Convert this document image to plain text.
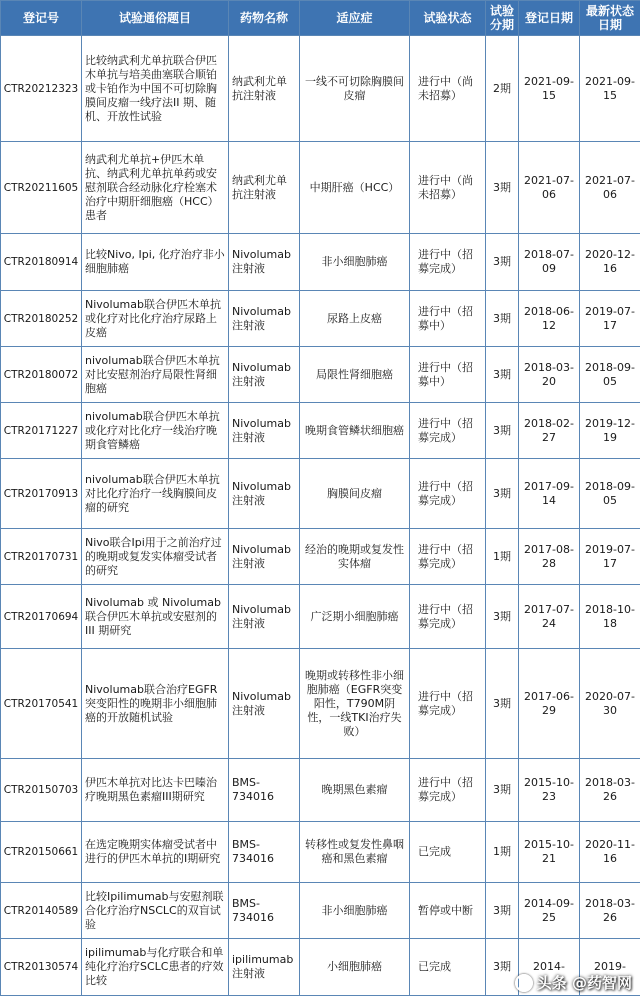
登记号	试验通俗题目	药物名称	适应症	试验状态	试验分期	登记日期	最新状态日期
CTR20212323	比较纳武利尤单抗联合伊匹木单抗与培美曲塞联合顺铂或卡铂作为中国不可切除胸膜间皮瘤一线疗法II 期、随机、开放性试验	纳武利尤单抗注射液	一线不可切除胸膜间皮瘤	进行中（尚未招募）	2期	2021-09-15	2021-09-15
CTR20211605	纳武利尤单抗+伊匹木单抗、纳武利尤单抗单药或安慰剂联合经动脉化疗栓塞术治疗中期肝细胞癌（HCC）患者	纳武利尤单抗注射液	中期肝癌（HCC）	进行中（尚未招募）	3期	2021-07-06	2021-07-06
CTR20180914	比较Nivo, Ipi, 化疗治疗非小细胞肺癌	Nivolumab注射液	非小细胞肺癌	进行中（招募完成）	3期	2018-07-09	2020-12-16
CTR20180252	Nivolumab联合伊匹木单抗或化疗对比化疗治疗尿路上皮癌	Nivolumab注射液	尿路上皮癌	进行中（招募中）	3期	2018-06-12	2019-07-17
CTR20180072	nivolumab联合伊匹木单抗对比安慰剂治疗局限性肾细胞癌	Nivolumab注射液	局限性肾细胞癌	进行中（招募中）	3期	2018-03-20	2018-09-05
CTR20171227	nivolumab联合伊匹木单抗或化疗对比化疗一线治疗晚期食管鳞癌	Nivolumab注射液	晚期食管鳞状细胞癌	进行中（招募完成）	3期	2018-02-27	2019-12-19
CTR20170913	nivolumab联合伊匹木单抗对比化疗治疗一线胸膜间皮瘤的研究	Nivolumab注射液	胸膜间皮瘤	进行中（招募完成）	3期	2017-09-14	2018-09-05
CTR20170731	Nivo联合Ipi用于之前治疗过的晚期或复发实体瘤受试者的研究	Nivolumab注射液	经治的晚期或复发性实体瘤	进行中（招募完成）	1期	2017-08-28	2019-07-17
CTR20170694	Nivolumab 或 Nivolumab 联合伊匹木单抗或安慰剂的III 期研究	Nivolumab注射液	广泛期小细胞肺癌	进行中（招募完成）	3期	2017-07-24	2018-10-18
CTR20170541	Nivolumab联合治疗EGFR突变阳性的晚期非小细胞肺癌的开放随机试验	Nivolumab注射液	晚期或转移性非小细胞肺癌（EGFR突变阳性，T790M阴性，一线TKI治疗失败）	进行中（招募完成）	3期	2017-06-29	2020-07-30
CTR20150703	伊匹木单抗对比达卡巴嗪治疗晚期黑色素瘤III期研究	BMS-734016	晚期黑色素瘤	进行中（招募完成）	3期	2015-10-23	2018-03-26
CTR20150661	在选定晚期实体瘤受试者中进行的伊匹木单抗的I期研究	BMS-734016	转移性或复发性鼻咽癌和黑色素瘤	已完成	1期	2015-10-21	2020-11-16
CTR20140589	比较Ipilimumab与安慰剂联合化疗治疗NSCLC的双盲试验	BMS-734016	非小细胞肺癌	暂停或中断	3期	2014-09-25	2018-03-26
CTR20130574	ipilimumab与化疗联合和单纯化疗治疗SCLC患者的疗效比较	ipilimumab注射液	小细胞肺癌	已完成	3期	2014-	2019-
头条 @药智网
